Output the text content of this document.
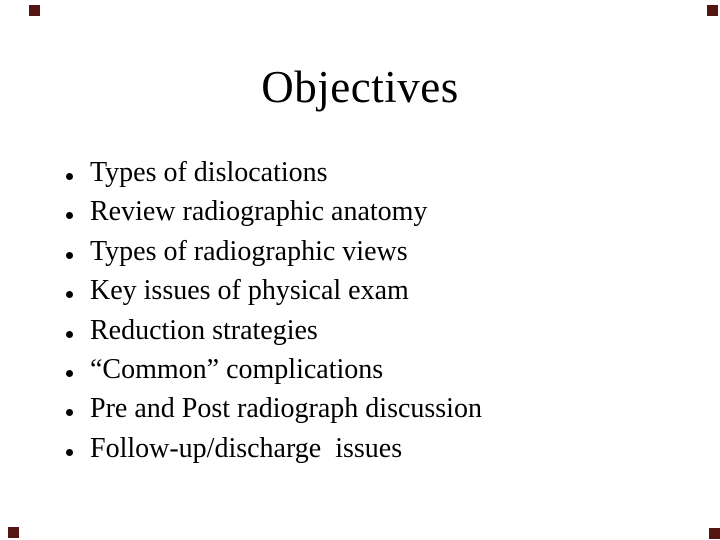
Objectives
Types of dislocations
Review radiographic anatomy
Types of radiographic views
Key issues of physical exam
Reduction strategies
“Common” complications
Pre and Post radiograph discussion
Follow-up/discharge  issues
